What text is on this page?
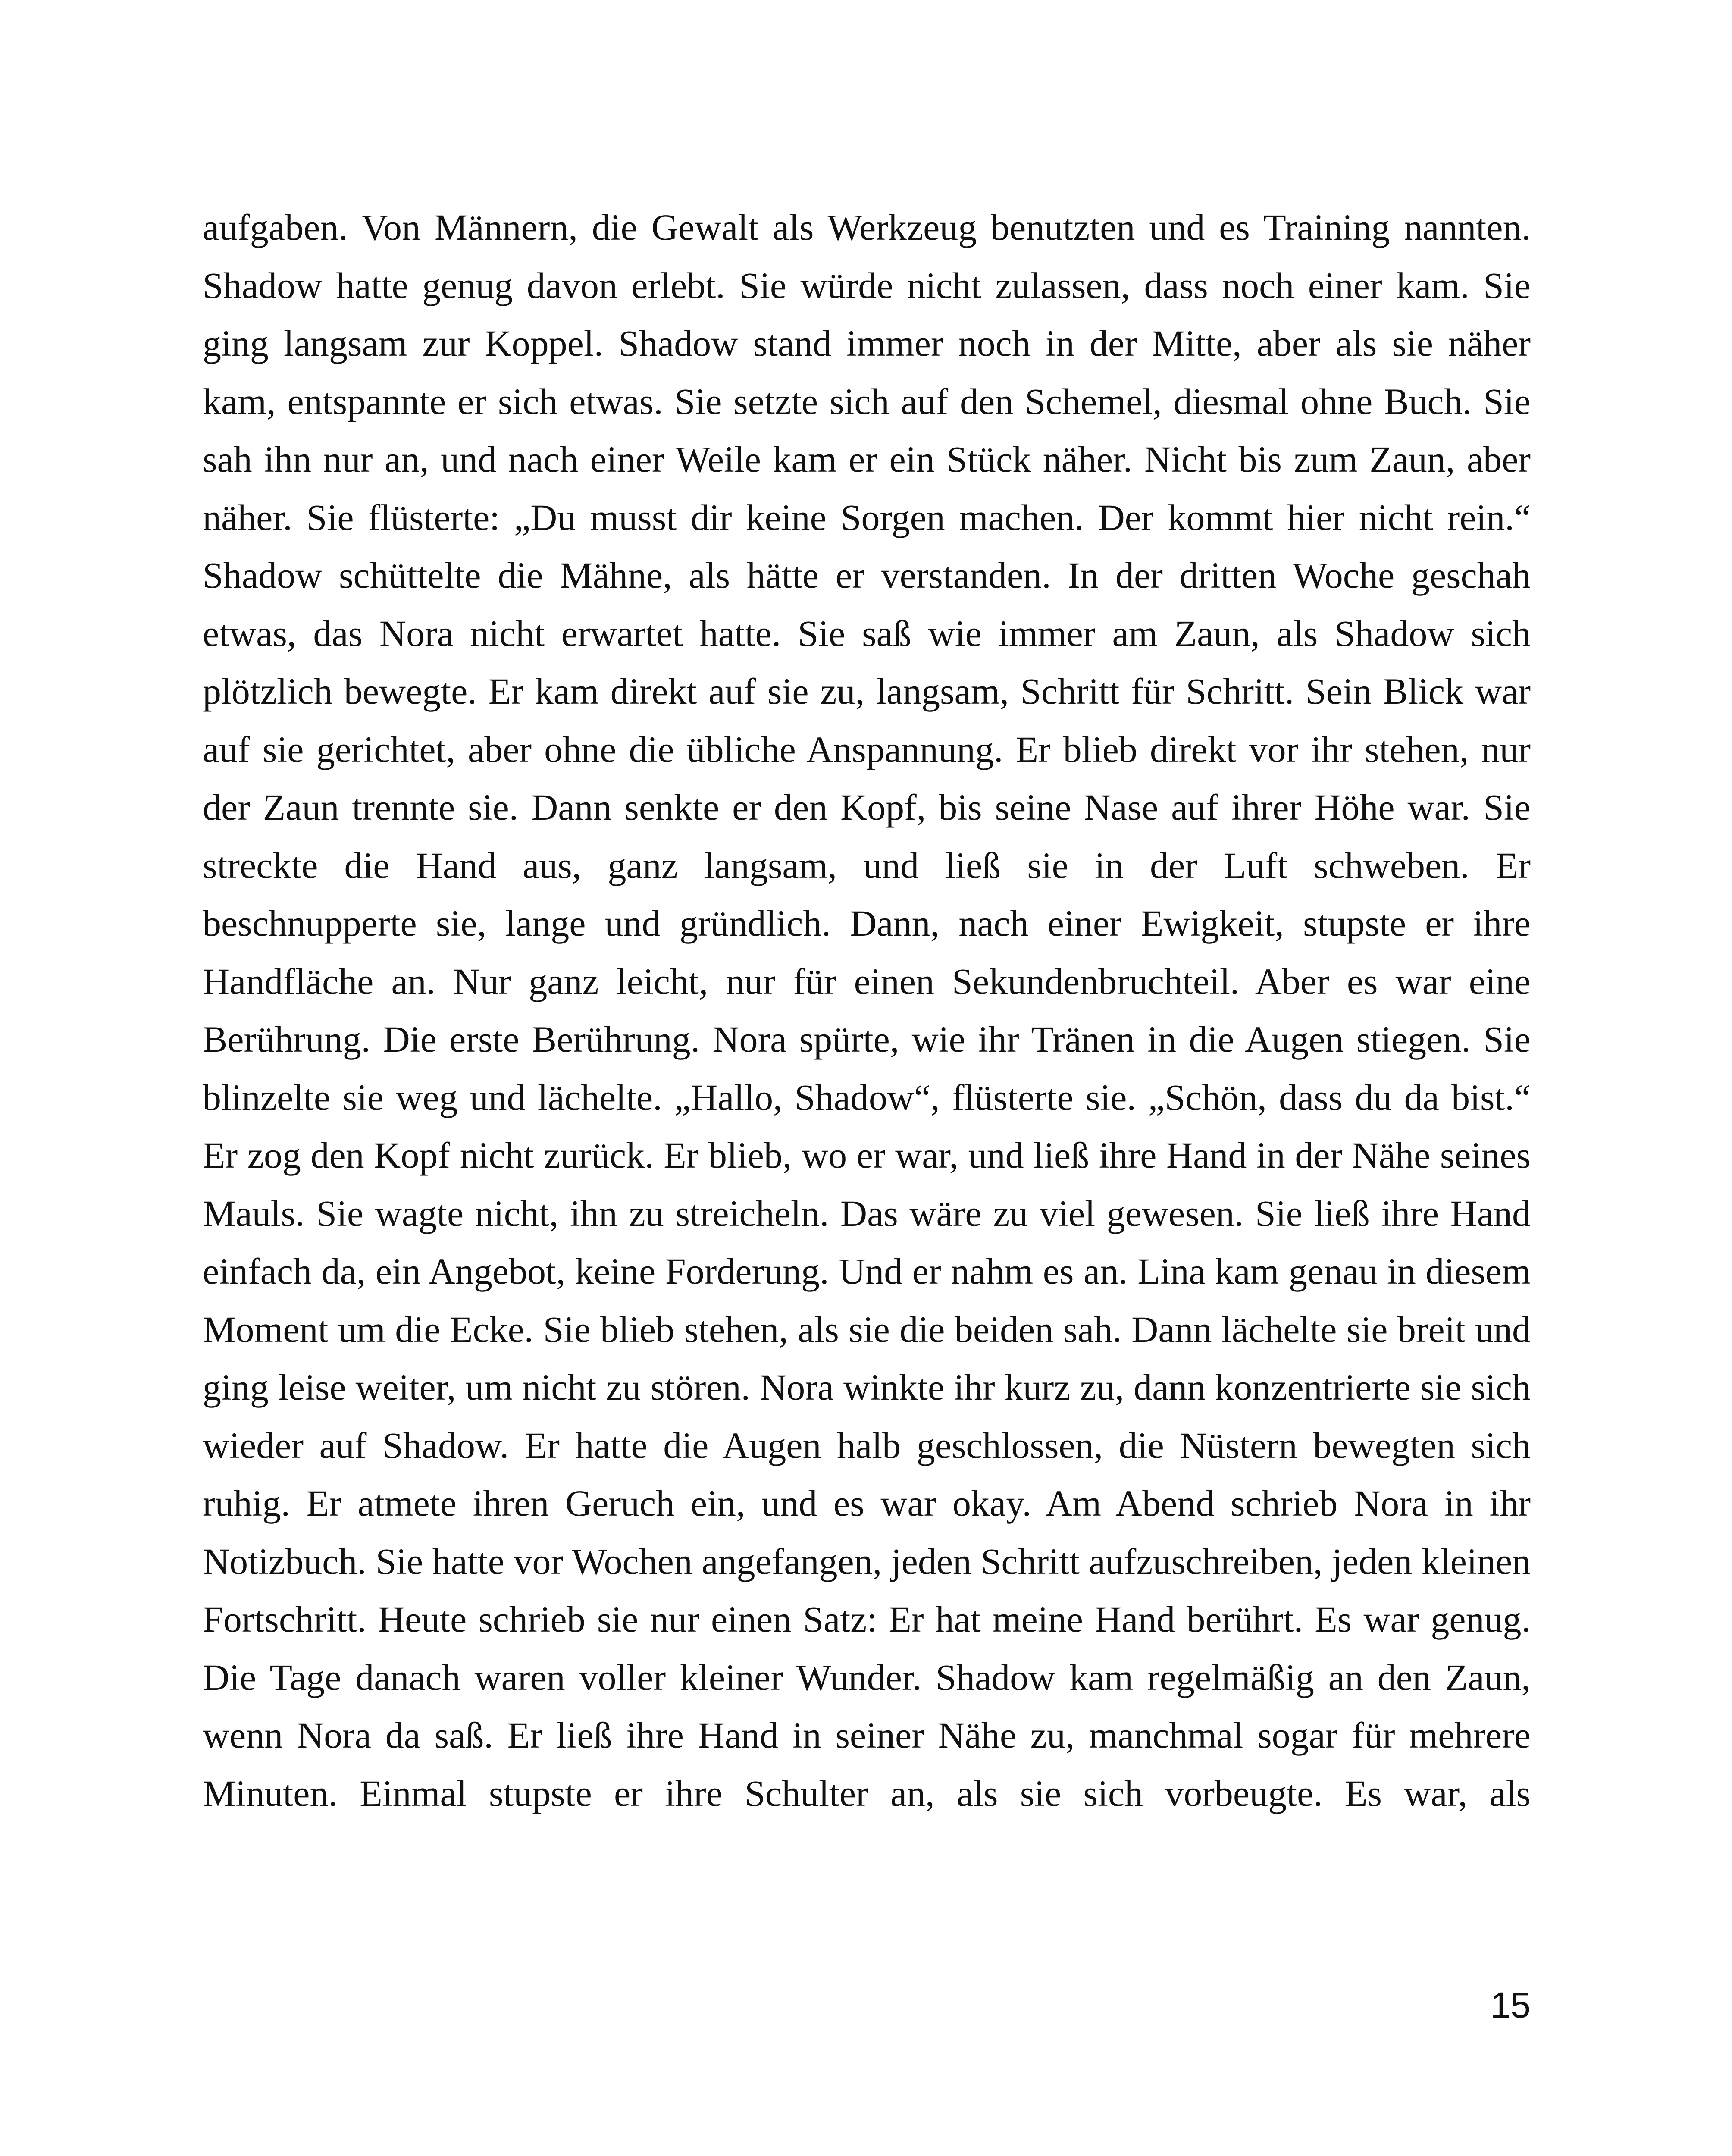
aufgaben. Von Männern, die Gewalt als Werkzeug benutzten und es Training nannten. Shadow hatte genug davon erlebt. Sie würde nicht zulassen, dass noch einer kam. Sie ging langsam zur Koppel. Shadow stand immer noch in der Mitte, aber als sie näher kam, entspannte er sich etwas. Sie setzte sich auf den Schemel, diesmal ohne Buch. Sie sah ihn nur an, und nach einer Weile kam er ein Stück näher. Nicht bis zum Zaun, aber näher. Sie flüsterte: „Du musst dir keine Sorgen machen. Der kommt hier nicht rein.“ Shadow schüttelte die Mähne, als hätte er verstanden. In der dritten Woche geschah etwas, das Nora nicht erwartet hatte. Sie saß wie immer am Zaun, als Shadow sich plötzlich bewegte. Er kam direkt auf sie zu, langsam, Schritt für Schritt. Sein Blick war auf sie gerichtet, aber ohne die übliche Anspannung. Er blieb direkt vor ihr stehen, nur der Zaun trennte sie. Dann senkte er den Kopf, bis seine Nase auf ihrer Höhe war. Sie streckte die Hand aus, ganz langsam, und ließ sie in der Luft schweben. Er beschnupperte sie, lange und gründlich. Dann, nach einer Ewigkeit, stupste er ihre Handfläche an. Nur ganz leicht, nur für einen Sekundenbruchteil. Aber es war eine Berührung. Die erste Berührung. Nora spürte, wie ihr Tränen in die Augen stiegen. Sie blinzelte sie weg und lächelte. „Hallo, Shadow“, flüsterte sie. „Schön, dass du da bist.“ Er zog den Kopf nicht zurück. Er blieb, wo er war, und ließ ihre Hand in der Nähe seines Mauls. Sie wagte nicht, ihn zu streicheln. Das wäre zu viel gewesen. Sie ließ ihre Hand einfach da, ein Angebot, keine Forderung. Und er nahm es an. Lina kam genau in diesem Moment um die Ecke. Sie blieb stehen, als sie die beiden sah. Dann lächelte sie breit und ging leise weiter, um nicht zu stören. Nora winkte ihr kurz zu, dann konzentrierte sie sich wieder auf Shadow. Er hatte die Augen halb geschlossen, die Nüstern bewegten sich ruhig. Er atmete ihren Geruch ein, und es war okay. Am Abend schrieb Nora in ihr Notizbuch. Sie hatte vor Wochen angefangen, jeden Schritt aufzuschreiben, jeden kleinen Fortschritt. Heute schrieb sie nur einen Satz: Er hat meine Hand berührt. Es war genug. Die Tage danach waren voller kleiner Wunder. Shadow kam regelmäßig an den Zaun, wenn Nora da saß. Er ließ ihre Hand in seiner Nähe zu, manchmal sogar für mehrere Minuten. Einmal stupste er ihre Schulter an, als sie sich vorbeugte. Es war, als

15
